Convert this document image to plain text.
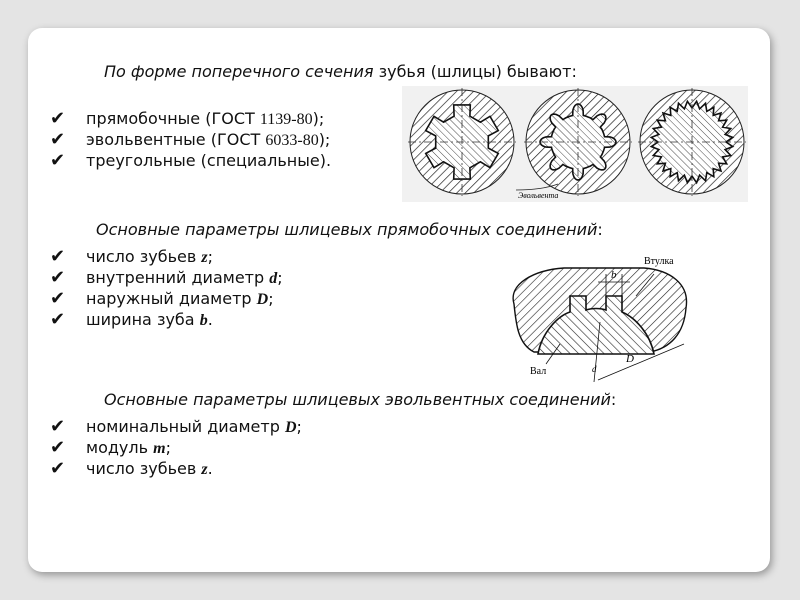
По форме поперечного сечения зубья (шлицы) бывают:
✔ прямобочные (ГОСТ 1139-80);
✔ эвольвентные (ГОСТ 6033-80);
✔ треугольные (специальные).
Эвольвента
Основные параметры шлицевых прямобочных соединений:
✔ число зубьев z;
✔ внутренний диаметр d;
✔ наружный диаметр D;
✔ ширина зуба b.
b
Втулка
Вал
D
d
Основные параметры шлицевых эвольвентных соединений:
✔ номинальный диаметр D;
✔ модуль m;
✔ число зубьев z.
